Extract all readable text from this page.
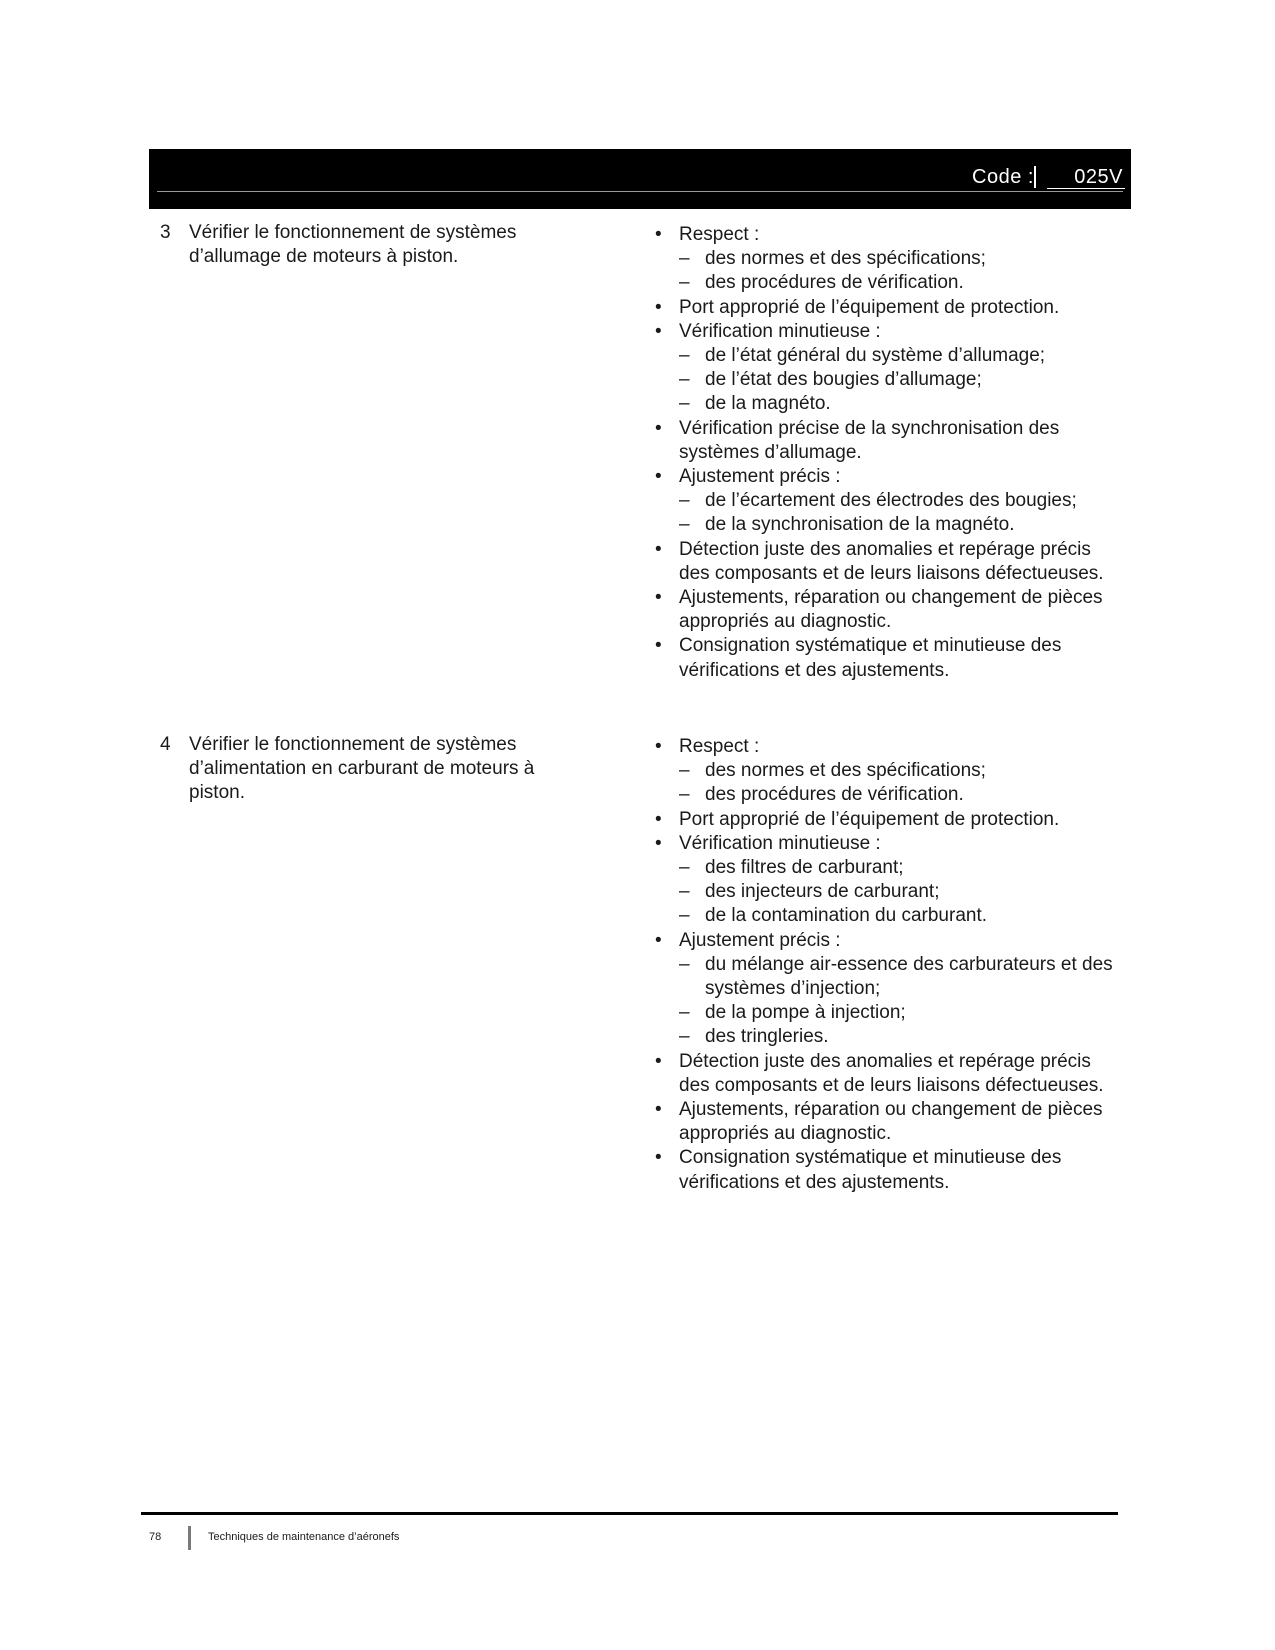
Code :	025V
3 Vérifier le fonctionnement de systèmes d’allumage de moteurs à piston.
• Respect :
– des normes et des spécifications;
– des procédures de vérification.
• Port approprié de l’équipement de protection.
• Vérification minutieuse :
– de l’état général du système d’allumage;
– de l’état des bougies d’allumage;
– de la magnéto.
• Vérification précise de la synchronisation des systèmes d’allumage.
• Ajustement précis :
– de l’écartement des électrodes des bougies;
– de la synchronisation de la magnéto.
• Détection juste des anomalies et repérage précis des composants et de leurs liaisons défectueuses.
• Ajustements, réparation ou changement de pièces appropriés au diagnostic.
• Consignation systématique et minutieuse des vérifications et des ajustements.
4 Vérifier le fonctionnement de systèmes d’alimentation en carburant de moteurs à piston.
• Respect :
– des normes et des spécifications;
– des procédures de vérification.
• Port approprié de l’équipement de protection.
• Vérification minutieuse :
– des filtres de carburant;
– des injecteurs de carburant;
– de la contamination du carburant.
• Ajustement précis :
– du mélange air-essence des carburateurs et des systèmes d’injection;
– de la pompe à injection;
– des tringleries.
• Détection juste des anomalies et repérage précis des composants et de leurs liaisons défectueuses.
• Ajustements, réparation ou changement de pièces appropriés au diagnostic.
• Consignation systématique et minutieuse des vérifications et des ajustements.
78	Techniques de maintenance d’aéronefs
